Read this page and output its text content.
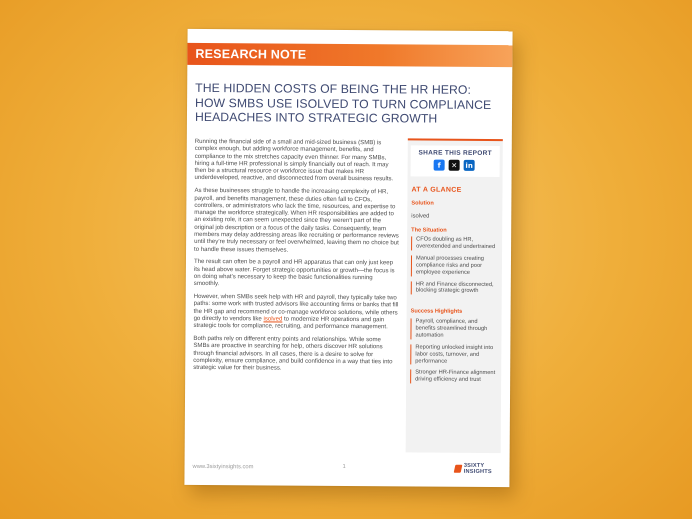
RESEARCH NOTE
THE HIDDEN COSTS OF BEING THE HR HERO: HOW SMBS USE ISOLVED TO TURN COMPLIANCE HEADACHES INTO STRATEGIC GROWTH

Running the financial side of a small and mid-sized business (SMB) is complex enough, but adding workforce management, benefits, and compliance to the mix stretches capacity even thinner. For many SMBs, hiring a full-time HR professional is simply financially out of reach. It may then be a structural resource or workforce issue that makes HR underdeveloped, reactive, and disconnected from overall business results.

As these businesses struggle to handle the increasing complexity of HR, payroll, and benefits management, these duties often fall to CFOs, controllers, or administrators who lack the time, resources, and expertise to manage the workforce strategically. When HR responsibilities are added to an existing role, it can seem unexpected since they weren’t part of the original job description or a focus of the daily tasks. Consequently, team members may delay addressing areas like recruiting or performance reviews until they’re truly necessary or feel overwhelmed, leaving them no choice but to handle these issues themselves.

The result can often be a payroll and HR apparatus that can only just keep its head above water. Forget strategic opportunities or growth—the focus is on doing what’s necessary to keep the basic functionalities running smoothly.

However, when SMBs seek help with HR and payroll, they typically take two paths: some work with trusted advisors like accounting firms or banks that fill the HR gap and recommend or co-manage workforce solutions, while others go directly to vendors like isolved to modernize HR operations and gain strategic tools for compliance, recruiting, and performance management.

Both paths rely on different entry points and relationships. While some SMBs are proactive in searching for help, others discover HR solutions through financial advisors. In all cases, there is a desire to solve for complexity, ensure compliance, and build confidence in a way that ties into strategic value for their business.

SHARE THIS REPORT
f	✕	in
AT A GLANCE
Solution
isolved
The Situation
CFOs doubling as HR, overextended and undertrained
Manual processes creating compliance risks and poor employee experience
HR and Finance disconnected, blocking strategic growth
Success Highlights
Payroll, compliance, and benefits streamlined through automation
Reporting unlocked insight into labor costs, turnover, and performance
Stronger HR-Finance alignment driving efficiency and trust
www.3sixtyinsights.com	1	3SIXTY INSIGHTS
